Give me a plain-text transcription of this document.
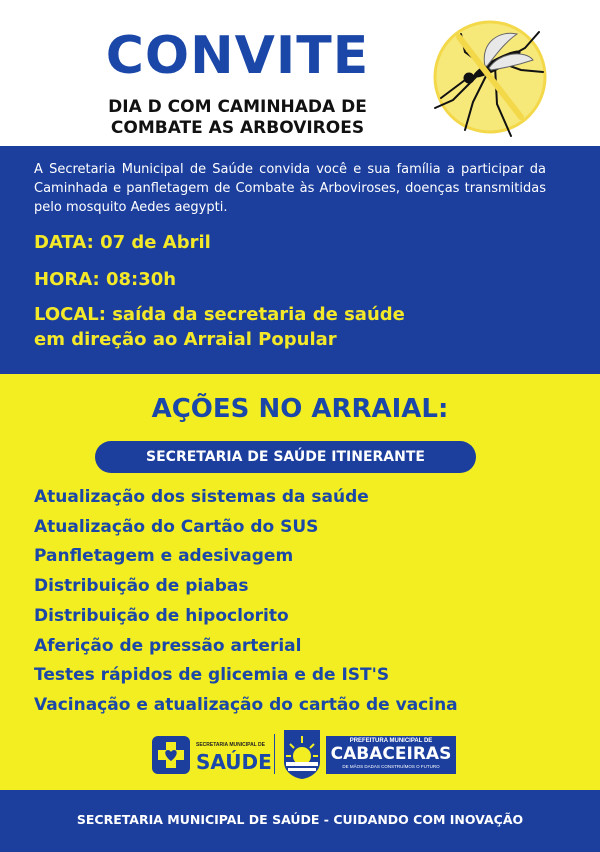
CONVITE
DIA D COM CAMINHADA DE
COMBATE AS ARBOVIROES
A Secretaria Municipal de Saúde convida você e sua família a participar da Caminhada e panfletagem de Combate às Arboviroses, doenças transmitidas pelo mosquito Aedes aegypti.
DATA: 07 de Abril
HORA: 08:30h
LOCAL: saída da secretaria de saúde
em direção ao Arraial Popular
AÇÕES NO ARRAIAL:
SECRETARIA DE SAÚDE ITINERANTE
Atualização dos sistemas da saúde
Atualização do Cartão do SUS
Panfletagem e adesivagem
Distribuição de piabas
Distribuição de hipoclorito
Aferição de pressão arterial
Testes rápidos de glicemia e de IST'S
Vacinação e atualização do cartão de vacina
SECRETARIA MUNICIPAL DE
SAÚDE
PREFEITURA MUNICIPAL DE
CABACEIRAS
DE MÃOS DADAS CONSTRUÍMOS O FUTURO
SECRETARIA MUNICIPAL DE SAÚDE - CUIDANDO COM INOVAÇÃO
